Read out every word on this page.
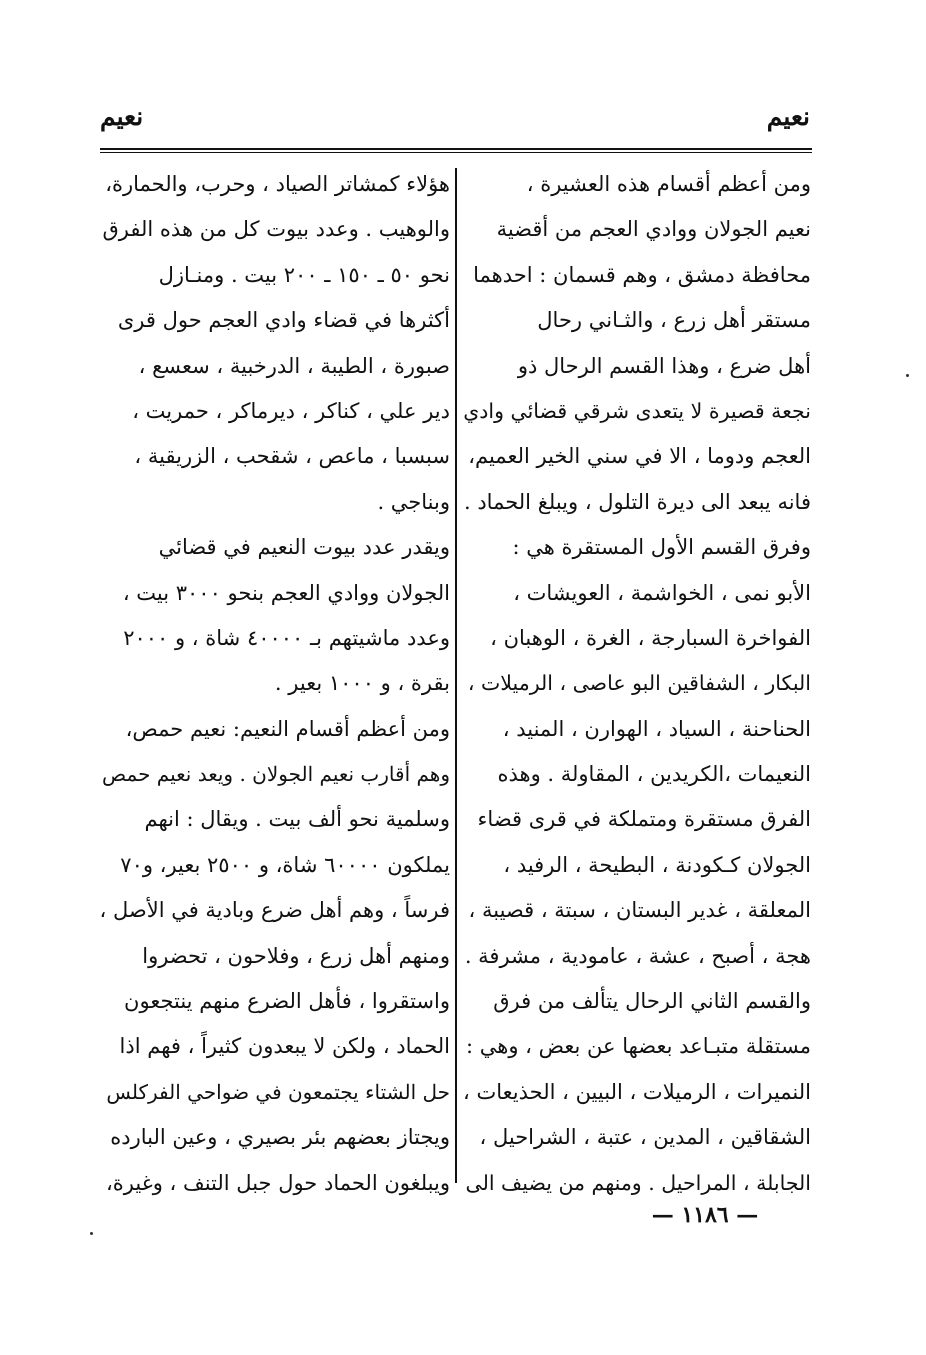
نعيم
نعيم
ومن أعظم أقسام هذه العشيرة ،
نعيم الجولان ووادي العجم من أقضية
محافظة دمشق ، وهم قسمان : احدهما
مستقر أهل زرع ، والثـاني رحال
أهل ضرع ، وهذا القسم الرحال ذو
نجعة قصيرة لا يتعدى شرقي قضائي وادي
العجم ودوما ، الا في سني الخير العميم،
فانه يبعد الى ديرة التلول ، ويبلغ الحماد .
وفرق القسم الأول المستقرة هي :
الأبو نمى ، الخواشمة ، العويشات ،
الفواخرة السبارجة ، الغرة ، الوهبان ،
البكار ، الشفاقين البو عاصى ، الرميلات ،
الحناحنة ، السياد ، الهوارن ، المنيد ،
النعيمات ،الكريدين ، المقاولة . وهذه
الفرق مستقرة ومتملكة في قرى قضاء
الجولان كـكودنة ، البطيحة ، الرفيد ،
المعلقة ، غدير البستان ، سبتة ، قصيبة ،
هجة ، أصبح ، عشة ، عامودية ، مشرفة .
والقسم الثاني الرحال يتألف من فرق
مستقلة متبـاعد بعضها عن بعض ، وهي :
النميرات ، الرميلات ، البيين ، الحذيعات ،
الشقاقين ، المدين ، عتبة ، الشراحيل ،
الجابلة ، المراحيل . ومنهم من يضيف الى
هؤلاء كمشاتر الصياد ، وحرب، والحمارة،
والوهيب . وعدد بيوت كل من هذه الفرق
نحو ٥٠ ـ ١٥٠ ـ ٢٠٠ بيت . ومنـازل
أكثرها في قضاء وادي العجم حول قرى
صبورة ، الطيبة ، الدرخبية ، سعسع ،
دير علي ، كناكر ، ديرماكر ، حمريت ،
سبسبا ، ماعص ، شقحب ، الزريقية ،
وبناجي .
ويقدر عدد بيوت النعيم في قضائي
الجولان ووادي العجم بنحو ٣٠٠٠ بيت ،
وعدد ماشيتهم بـ ٤٠٠٠٠ شاة ، و ٢٠٠٠
بقرة ، و ١٠٠٠ بعير .
ومن أعظم أقسام النعيم: نعيم حمص،
وهم أقارب نعيم الجولان . ويعد نعيم حمص
وسلمية نحو ألف بيت . ويقال : انهم
يملكون ٦٠٠٠٠ شاة، و ٢٥٠٠ بعير، و٧٠
فرساً ، وهم أهل ضرع وبادية في الأصل ،
ومنهم أهل زرع ، وفلاحون ، تحضروا
واستقروا ، فأهل الضرع منهم ينتجعون
الحماد ، ولكن لا يبعدون كثيراً ، فهم اذا
حل الشتاء يجتمعون في ضواحي الفركلس
ويجتاز بعضهم بئر بصيري ، وعين البارده
ويبلغون الحماد حول جبل التنف ، وغيرة،
— ١١٨٦ —
